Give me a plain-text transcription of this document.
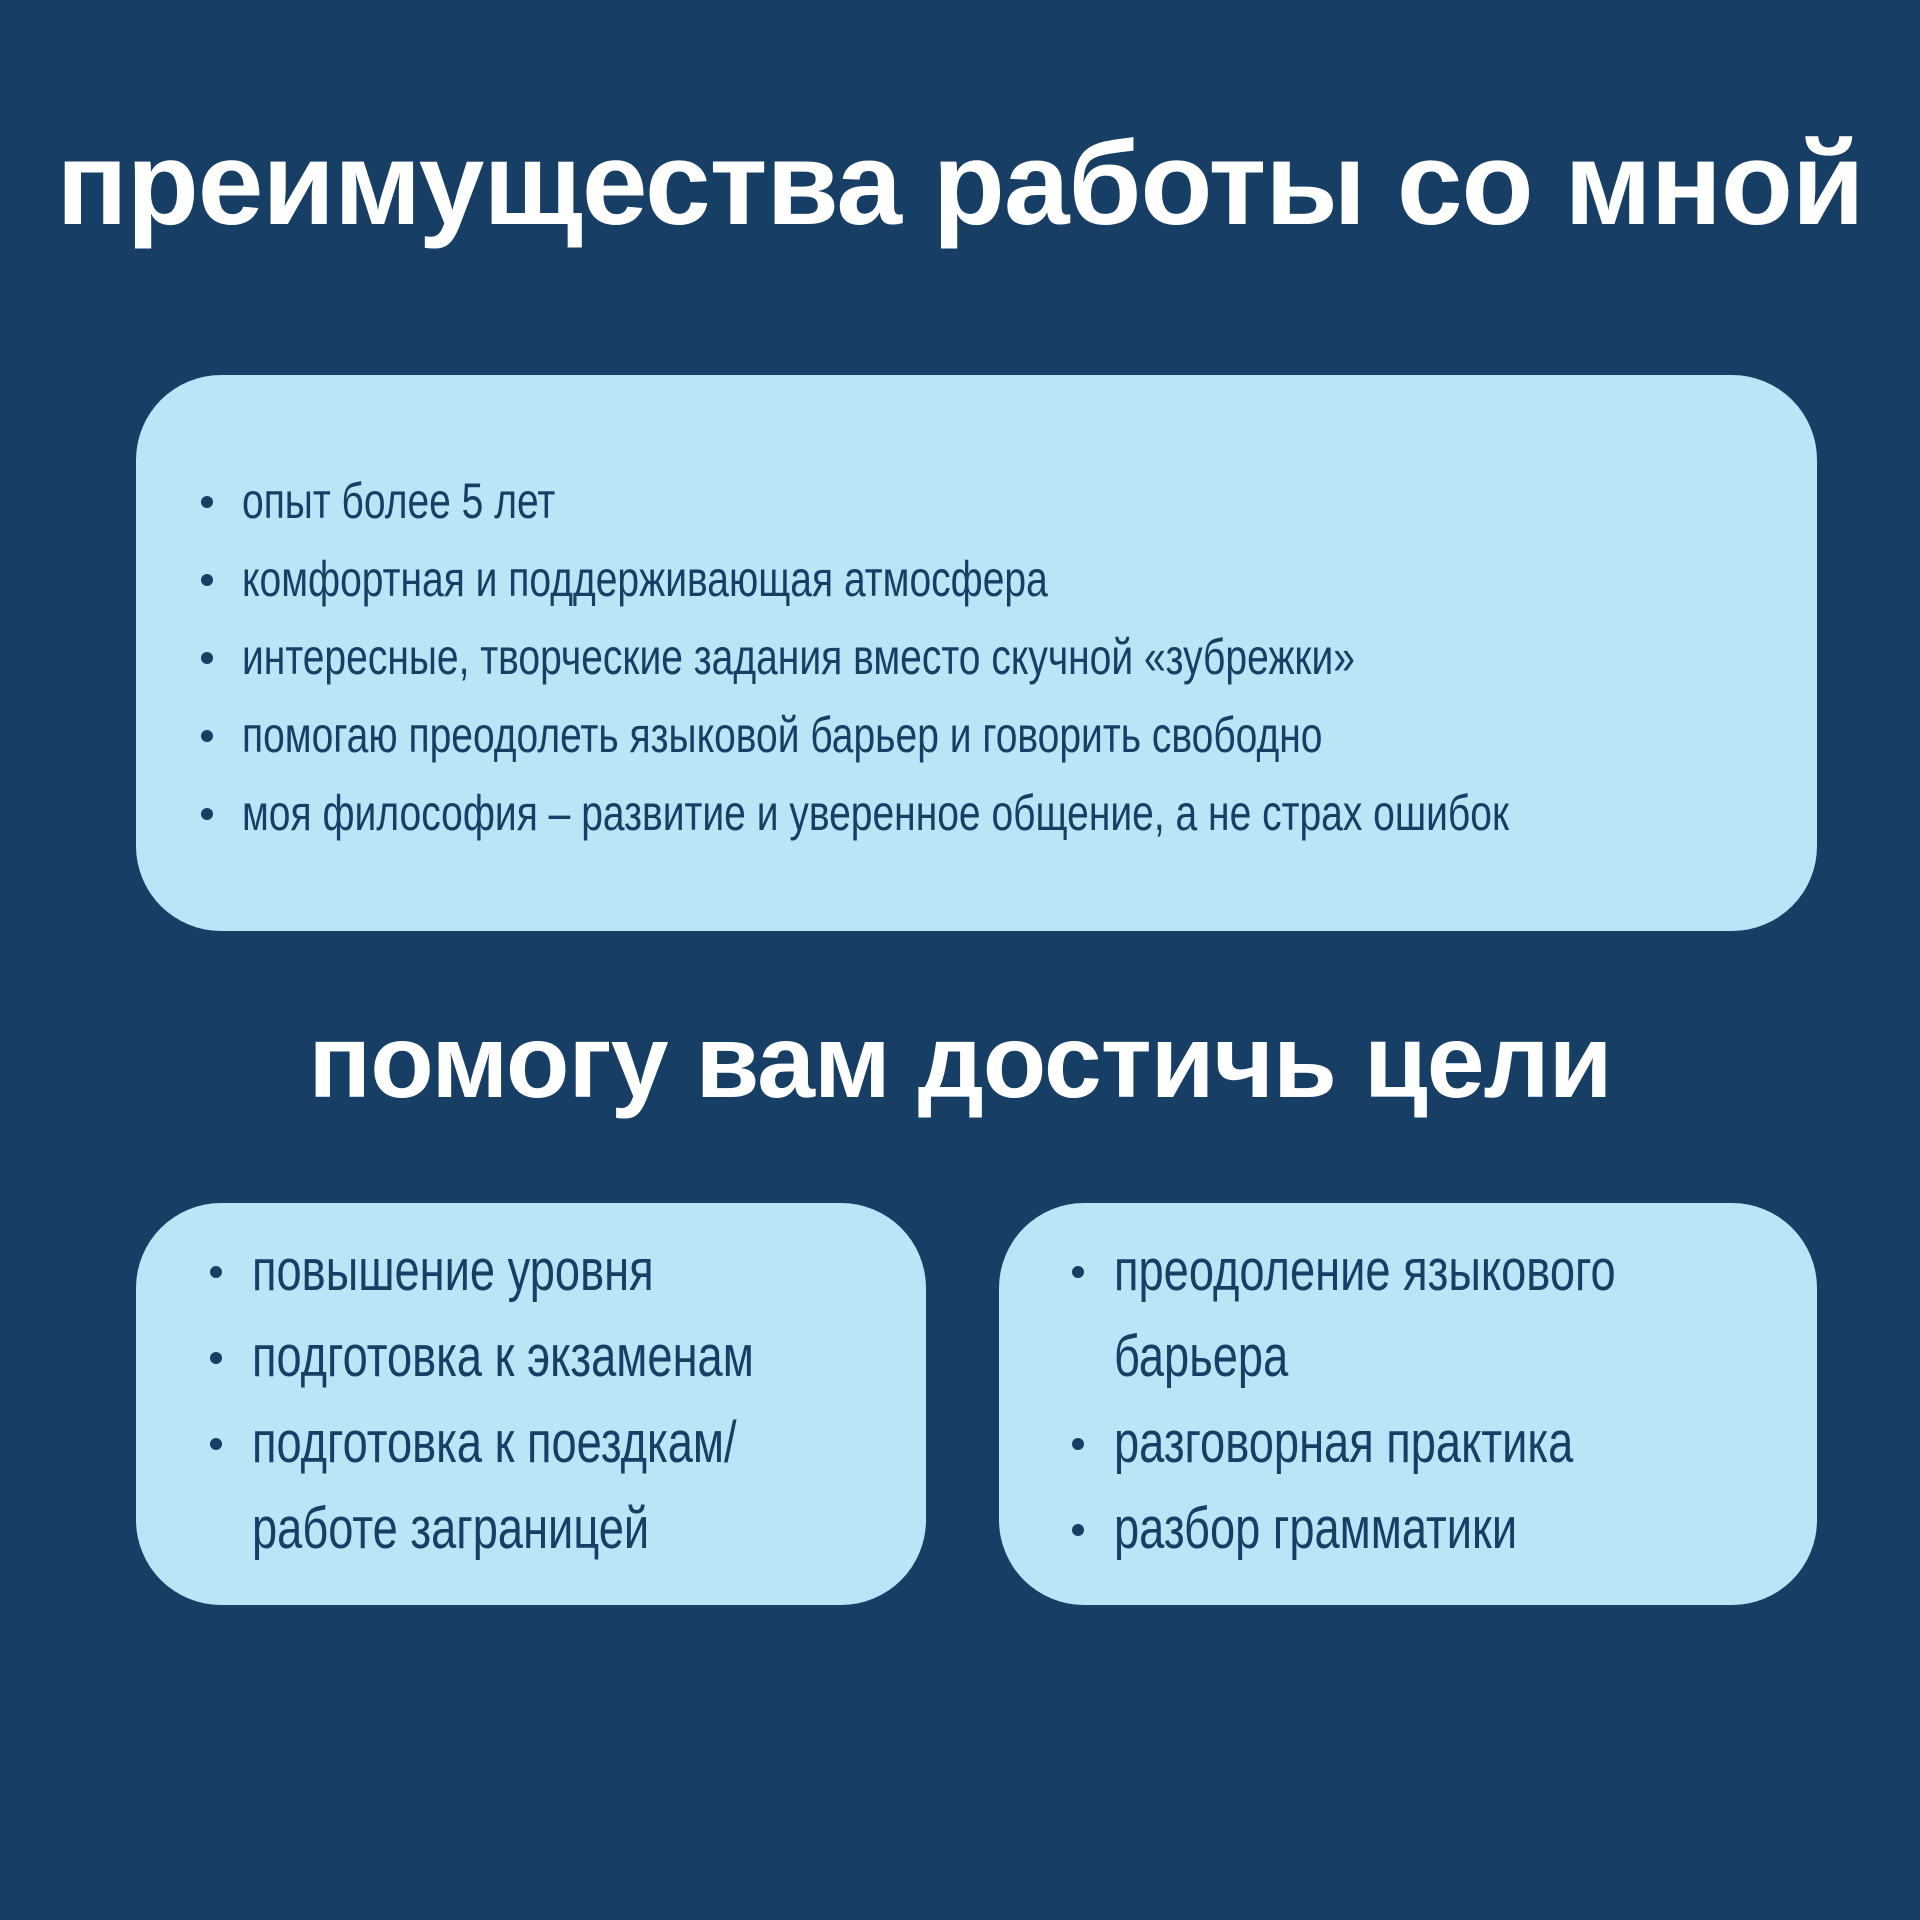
преимущества работы со мной
опыт более 5 лет
комфортная и поддерживающая атмосфера
интересные, творческие задания вместо скучной «зубрежки»
помогаю преодолеть языковой барьер и говорить свободно
моя философия – развитие и уверенное общение, а не страх ошибок
помогу вам достичь цели
повышение уровня
подготовка к экзаменам
подготовка к поездкам/
работе заграницей
преодоление языкового
барьера
разговорная практика
разбор грамматики
